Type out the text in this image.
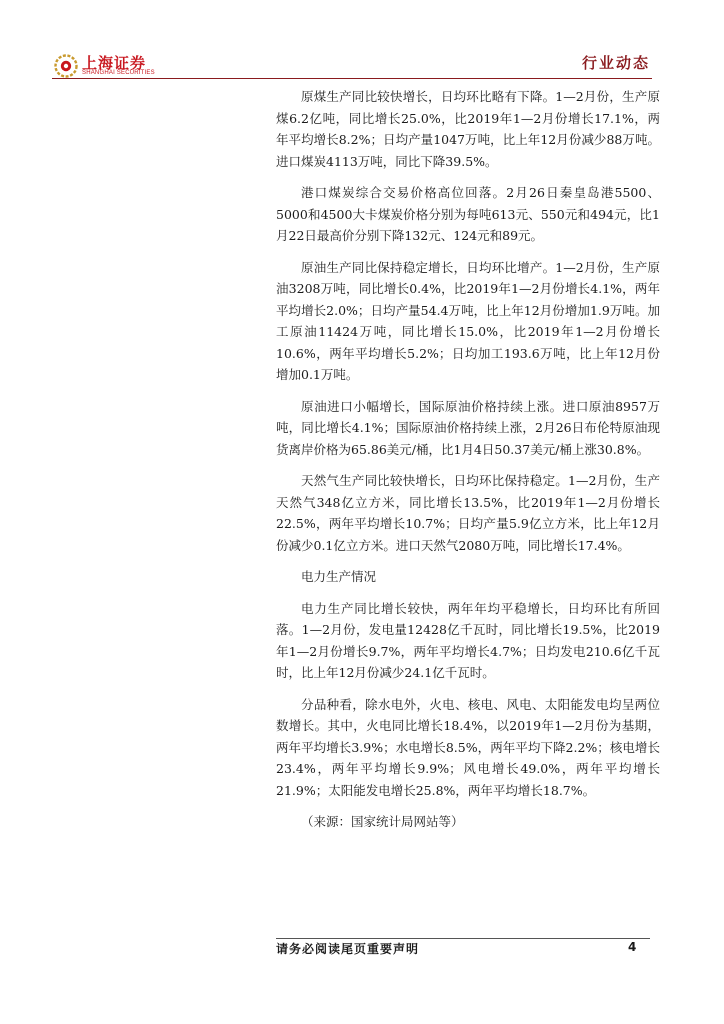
上海证券
SHANGHAI SECURITIES
行业动态

原煤生产同比较快增长，日均环比略有下降。1—2月份，生产原煤6.2亿吨，同比增长25.0%，比2019年1—2月份增长17.1%，两年平均增长8.2%；日均产量1047万吨，比上年12月份减少88万吨。进口煤炭4113万吨，同比下降39.5%。

港口煤炭综合交易价格高位回落。2月26日秦皇岛港5500、5000和4500大卡煤炭价格分别为每吨613元、550元和494元，比1月22日最高价分别下降132元、124元和89元。

原油生产同比保持稳定增长，日均环比增产。1—2月份，生产原油3208万吨，同比增长0.4%，比2019年1—2月份增长4.1%，两年平均增长2.0%；日均产量54.4万吨，比上年12月份增加1.9万吨。加工原油11424万吨，同比增长15.0%，比2019年1—2月份增长10.6%，两年平均增长5.2%；日均加工193.6万吨，比上年12月份增加0.1万吨。

原油进口小幅增长，国际原油价格持续上涨。进口原油8957万吨，同比增长4.1%；国际原油价格持续上涨，2月26日布伦特原油现货离岸价格为65.86美元/桶，比1月4日50.37美元/桶上涨30.8%。

天然气生产同比较快增长，日均环比保持稳定。1—2月份，生产天然气348亿立方米，同比增长13.5%，比2019年1—2月份增长22.5%，两年平均增长10.7%；日均产量5.9亿立方米，比上年12月份减少0.1亿立方米。进口天然气2080万吨，同比增长17.4%。

电力生产情况

电力生产同比增长较快，两年年均平稳增长，日均环比有所回落。1—2月份，发电量12428亿千瓦时，同比增长19.5%，比2019年1—2月份增长9.7%，两年平均增长4.7%；日均发电210.6亿千瓦时，比上年12月份减少24.1亿千瓦时。

分品种看，除水电外，火电、核电、风电、太阳能发电均呈两位数增长。其中，火电同比增长18.4%，以2019年1—2月份为基期，两年平均增长3.9%；水电增长8.5%，两年平均下降2.2%；核电增长23.4%，两年平均增长9.9%；风电增长49.0%，两年平均增长21.9%；太阳能发电增长25.8%，两年平均增长18.7%。

（来源：国家统计局网站等）

请务必阅读尾页重要声明	4
